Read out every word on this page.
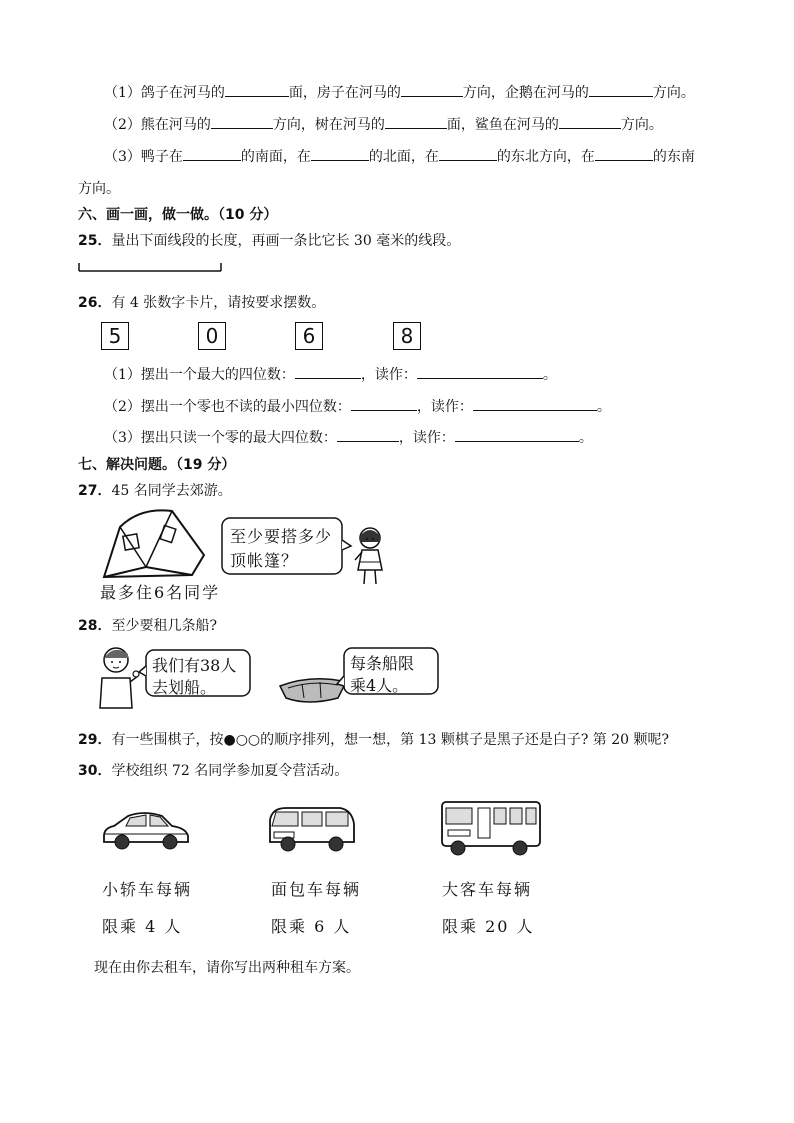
（1）鸽子在河马的	面，房子在河马的	方向，企鹅在河马的	方向。
（2）熊在河马的	方向，树在河马的	面，鲨鱼在河马的	方向。
（3）鸭子在	的南面，在	的北面，在	的东北方向，在	的东南
方向。
六、画一画，做一做。（10 分）
25．量出下面线段的长度，再画一条比它长 30 毫米的线段。
26．有 4 张数字卡片，请按要求摆数。
5	0	6	8
（1）摆出一个最大的四位数：	，读作：	。
（2）摆出一个零也不读的最小四位数：	，读作：	。
（3）摆出只读一个零的最大四位数：	，读作：	。
七、解决问题。（19 分）
27．45 名同学去郊游。
最多住6名同学
至少要搭多少
顶帐篷？
28．至少要租几条船?
我们有38人
去划船。
每条船限
乘4人。
29．有一些围棋子，按●○○的顺序排列，想一想，第 13 颗棋子是黑子还是白子? 第 20 颗呢?
30．学校组织 72 名同学参加夏令营活动。
小轿车每辆
限乘 4 人
面包车每辆
限乘 6 人
大客车每辆
限乘 20 人
现在由你去租车，请你写出两种租车方案。
